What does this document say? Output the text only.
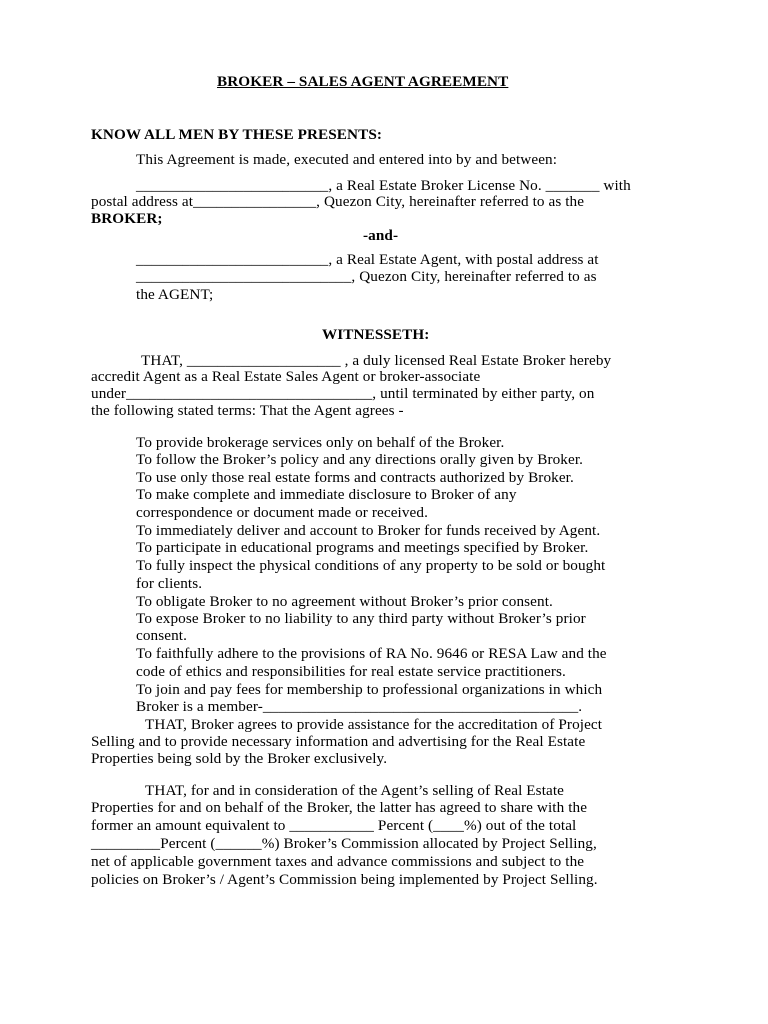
BROKER – SALES AGENT AGREEMENT
KNOW ALL MEN BY THESE PRESENTS:
This Agreement is made, executed and entered into by and between:
_________________________, a Real Estate Broker License No. _______ with
postal address at________________, Quezon City, hereinafter referred to as the
BROKER;
-and-
_________________________, a Real Estate Agent, with postal address at
____________________________, Quezon City, hereinafter referred to as
the AGENT;
WITNESSETH:
THAT, ____________________ , a duly licensed Real Estate Broker hereby
accredit Agent as a Real Estate Sales Agent or broker-associate
under________________________________, until terminated by either party, on
the following stated terms: That the Agent agrees -
To provide brokerage services only on behalf of the Broker.
To follow the Broker’s policy and any directions orally given by Broker.
To use only those real estate forms and contracts authorized by Broker.
To make complete and immediate disclosure to Broker of any
correspondence or document made or received.
To immediately deliver and account to Broker for funds received by Agent.
To participate in educational programs and meetings specified by Broker.
To fully inspect the physical conditions of any property to be sold or bought
for clients.
To obligate Broker to no agreement without Broker’s prior consent.
To expose Broker to no liability to any third party without Broker’s prior
consent.
To faithfully adhere to the provisions of RA No. 9646 or RESA Law and the
code of ethics and responsibilities for real estate service practitioners.
To join and pay fees for membership to professional organizations in which
Broker is a member-_________________________________________.
THAT, Broker agrees to provide assistance for the accreditation of Project
Selling and to provide necessary information and advertising for the Real Estate
Properties being sold by the Broker exclusively.
THAT, for and in consideration of the Agent’s selling of Real Estate
Properties for and on behalf of the Broker, the latter has agreed to share with the
former an amount equivalent to ___________ Percent (____%) out of the total
_________Percent (______%) Broker’s Commission allocated by Project Selling,
net of applicable government taxes and advance commissions and subject to the
policies on Broker’s / Agent’s Commission being implemented by Project Selling.
